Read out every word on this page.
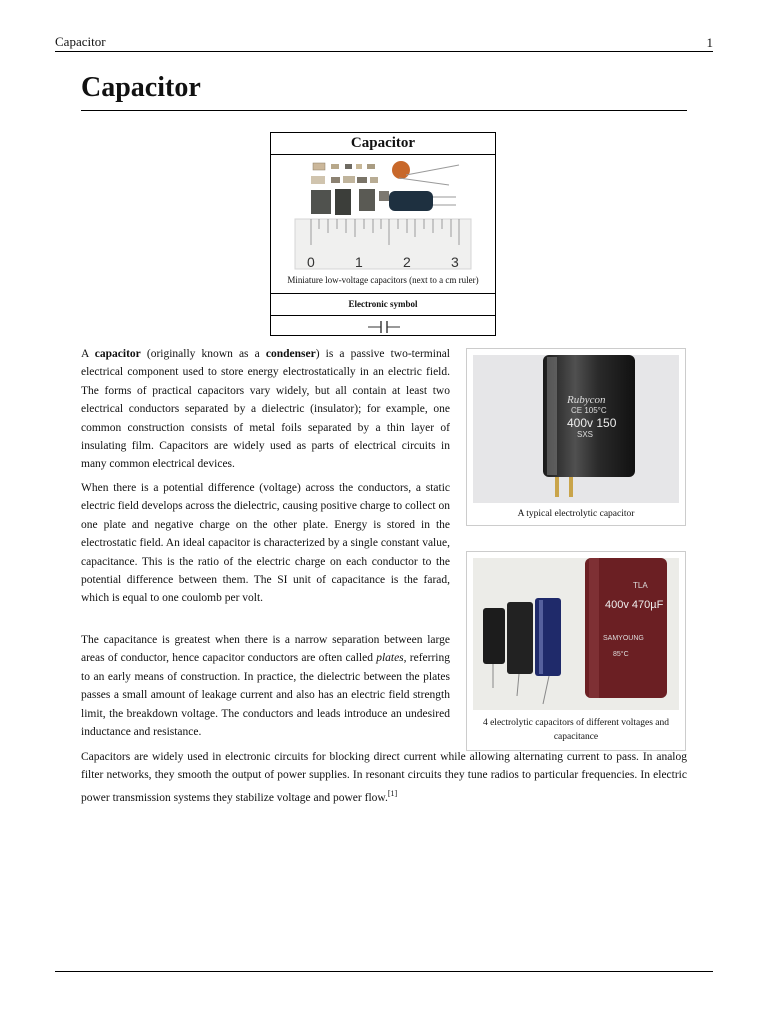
Capacitor	1
Capacitor
Capacitor
0	1	2	3
Miniature low-voltage capacitors (next to a cm ruler)
Electronic symbol

A capacitor (originally known as a condenser) is a passive two-terminal electrical component used to store energy electrostatically in an electric field. The forms of practical capacitors vary widely, but all contain at least two electrical conductors separated by a dielectric (insulator); for example, one common construction consists of metal foils separated by a thin layer of insulating film. Capacitors are widely used as parts of electrical circuits in many common electrical devices.

When there is a potential difference (voltage) across the conductors, a static electric field develops across the dielectric, causing positive charge to collect on one plate and negative charge on the other plate. Energy is stored in the electrostatic field. An ideal capacitor is characterized by a single constant value, capacitance. This is the ratio of the electric charge on each conductor to the potential difference between them. The SI unit of capacitance is the farad, which is equal to one coulomb per volt.

The capacitance is greatest when there is a narrow separation between large areas of conductor, hence capacitor conductors are often called plates, referring to an early means of construction. In practice, the dielectric between the plates passes a small amount of leakage current and also has an electric field strength limit, the breakdown voltage. The conductors and leads introduce an undesired inductance and resistance.

Capacitors are widely used in electronic circuits for blocking direct current while allowing alternating current to pass. In analog filter networks, they smooth the output of power supplies. In resonant circuits they tune radios to particular frequencies. In electric power transmission systems they stabilize voltage and power flow.[1]

Rubycon
CE 105°C
400v 150
SXS
A typical electrolytic capacitor
400v 470µF
TLA
SAMYOUNG
85°C
4 electrolytic capacitors of different voltages and capacitance
